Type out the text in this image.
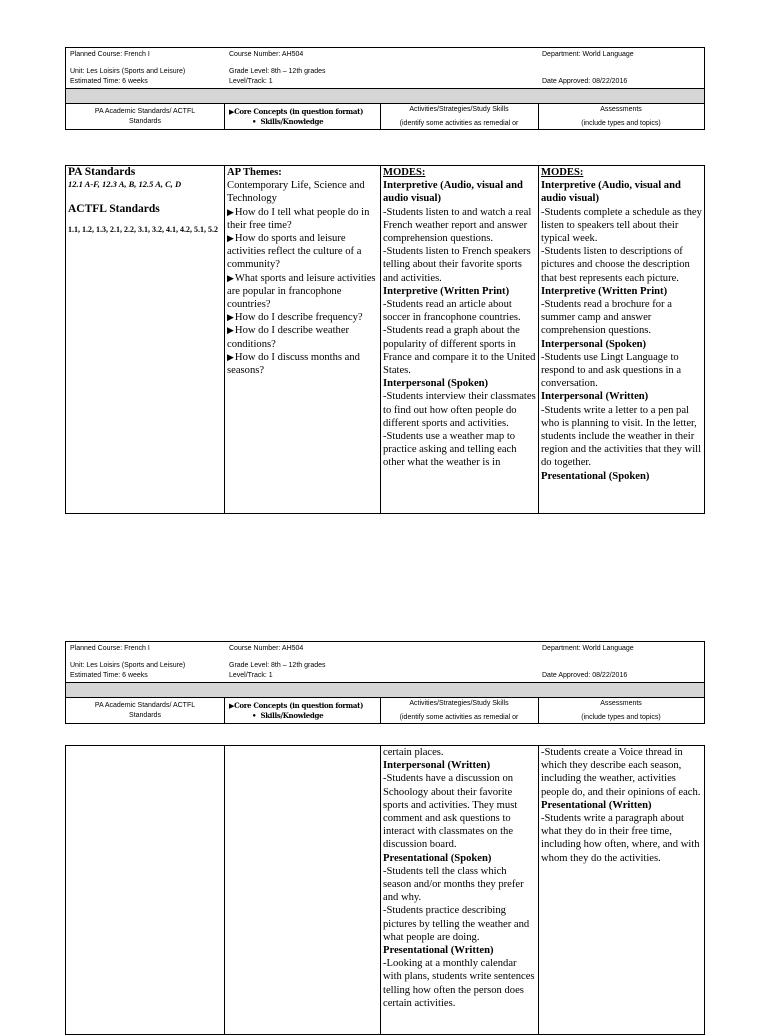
Planned Course: French I
Unit: Les Loisirs (Sports and Leisure)
Estimated Time: 6 weeks
Course Number: AH504
Grade Level: 8th – 12th grades
Level/Track: 1
Department: World Language
Date Approved: 08/22/2016
PA Academic Standards/ ACTFL
Standards
▶Core Concepts (in question format)
• Skills/Knowledge
Activities/Strategies/Study Skills
(identify some activities as remedial or
Assessments
(include types and topics)

PA Standards

12.1 A-F, 12.3 A, B, 12.5 A, C, D

ACTFL Standards

1.1, 1.2, 1.3, 2.1, 2.2, 3.1, 3.2, 4.1, 4.2, 5.1, 5.2

AP Themes:

Contemporary Life, Science and Technology

▶How do I tell what people do in their free time?

▶How do sports and leisure activities reflect the culture of a community?

▶What sports and leisure activities are popular in francophone countries?

▶How do I describe frequency?

▶How do I describe weather conditions?

▶How do I discuss months and seasons?

MODES:

Interpretive (Audio, visual and audio visual)

-Students listen to and watch a real French weather report and answer comprehension questions.

-Students listen to French speakers telling about their favorite sports and activities.

Interpretive (Written Print)

-Students read an article about soccer in francophone countries.

-Students read a graph about the popularity of different sports in France and compare it to the United States.

Interpersonal (Spoken)

-Students interview their classmates to find out how often people do different sports and activities.

-Students use a weather map to practice asking and telling each other what the weather is in

MODES:

Interpretive (Audio, visual and audio visual)

-Students complete a schedule as they listen to speakers tell about their typical week.

-Students listen to descriptions of pictures and choose the description that best represents each picture.

Interpretive (Written Print)

-Students read a brochure for a summer camp and answer comprehension questions.

Interpersonal (Spoken)

-Students use Lingt Language to respond to and ask questions in a conversation.

Interpersonal (Written)

-Students write a letter to a pen pal who is planning to visit. In the letter, students include the weather in their region and the activities that they will do together.

Presentational (Spoken)

Planned Course: French I
Unit: Les Loisirs (Sports and Leisure)
Estimated Time: 6 weeks
Course Number: AH504
Grade Level: 8th – 12th grades
Level/Track: 1
Department: World Language
Date Approved: 08/22/2016
PA Academic Standards/ ACTFL
Standards
▶Core Concepts (in question format)
• Skills/Knowledge
Activities/Strategies/Study Skills
(identify some activities as remedial or
Assessments
(include types and topics)

certain places.

Interpersonal (Written)

-Students have a discussion on Schoology about their favorite sports and activities. They must comment and ask questions to interact with classmates on the discussion board.

Presentational (Spoken)

-Students tell the class which season and/or months they prefer and why.

-Students practice describing pictures by telling the weather and what people are doing.

Presentational (Written)

-Looking at a monthly calendar with plans, students write sentences telling how often the person does certain activities.

-Students create a Voice thread in which they describe each season, including the weather, activities people do, and their opinions of each.

Presentational (Written)

-Students write a paragraph about what they do in their free time, including how often, where, and with whom they do the activities.
